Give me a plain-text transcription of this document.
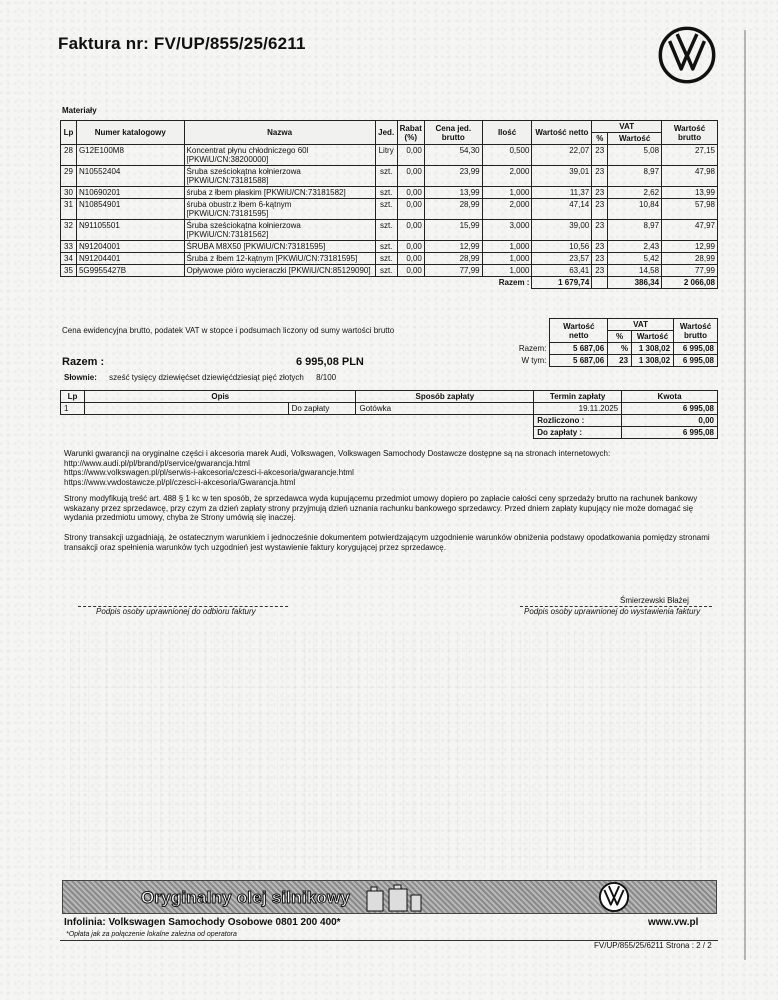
Faktura nr: FV/UP/855/25/6211
Materiały
Lp	Numer katalogowy	Nazwa	Jed.	Rabat (%)	Cena jed. brutto	Ilość	Wartość netto	VAT		Wartość brutto
								%	Wartość	
28	G12E100M8	Koncentrat płynu chłodniczego 60l [PKWiU/CN:38200000]	Litry	0,00	54,30	0,500	22,07	23	5,08	27,15
29	N10552404	Śruba sześciokątna kołnierzowa [PKWiU/CN:73181588]	szt.	0,00	23,99	2,000	39,01	23	8,97	47,98
30	N10690201	śruba z łbem płaskim [PKWiU/CN:73181582]	szt.	0,00	13,99	1,000	11,37	23	2,62	13,99
31	N10854901	śruba obustr.z łbem 6-kątnym [PKWiU/CN:73181595]	szt.	0,00	28,99	2,000	47,14	23	10,84	57,98
32	N91105501	Śruba sześciokątna kołnierzowa [PKWiU/CN:73181562]	szt.	0,00	15,99	3,000	39,00	23	8,97	47,97
33	N91204001	ŚRUBA M8X50 [PKWiU/CN:73181595]	szt.	0,00	12,99	1,000	10,56	23	2,43	12,99
34	N91204401	Śruba z łbem 12-kątnym [PKWiU/CN:73181595]	szt.	0,00	28,99	1,000	23,57	23	5,42	28,99
35	5G9955427B	Opływowe pióro wycieraczki [PKWiU/CN:85129090]	szt.	0,00	77,99	1,000	63,41	23	14,58	77,99
						Razem :	1 679,74		386,34	2 066,08
Cena ewidencyjna brutto, podatek VAT w stopce i podsumach liczony od sumy wartości brutto
		Wartość netto	VAT		Wartość brutto
		%	Wartość	
Razem:	5 687,06	%	1 308,02	6 995,08
W tym:	5 687,06	23	1 308,02	6 995,08
Razem :	6 995,08 PLN
Słownie: sześć tysięcy dziewięćset dziewięćdziesiąt pięć złotych 8/100
Lp	Opis		Sposób zapłaty	Termin zapłaty	Kwota
1		Do zapłaty	Gotówka	19.11.2025	6 995,08
				Rozliczono :	0,00
				Do zapłaty :	6 995,08

Warunki gwarancji na oryginalne części i akcesoria marek Audi, Volkswagen, Volkswagen Samochody Dostawcze dostępne są na stronach internetowych:

http://www.audi.pl/pl/brand/pl/service/gwarancja.html

https://www.volkswagen.pl/pl/serwis-i-akcesoria/czesci-i-akcesoria/gwarancje.html

https://www.vwdostawcze.pl/pl/czesci-i-akcesoria/Gwarancja.html

Strony modyfikują treść art. 488 § 1 kc w ten sposób, że sprzedawca wyda kupującemu przedmiot umowy dopiero po zapłacie całości ceny sprzedaży brutto na rachunek bankowy wskazany przez sprzedawcę, przy czym za dzień zapłaty strony przyjmują dzień uznania rachunku bankowego sprzedawcy. Przed dniem zapłaty kupujący nie może domagać się wydania przedmiotu umowy, chyba że Strony umówią się inaczej.
Strony transakcji uzgadniają, że ostatecznym warunkiem i jednocześnie dokumentem potwierdzającym uzgodnienie warunków obniżenia podstawy opodatkowania pomiędzy stronami transakcji oraz spełnienia warunków tych uzgodnień jest wystawienie faktury korygującej przez sprzedawcę.
Śmierzewski Błażej
Podpis osoby uprawnionej do odbioru faktury	Podpis osoby uprawnionej do wystawienia faktury
Oryginalny olej silnikowy
Infolinia: Volkswagen Samochody Osobowe 0801 200 400*	www.vw.pl
*Opłata jak za połączenie lokalne zależna od operatora
FV/UP/855/25/6211 Strona : 2 / 2
